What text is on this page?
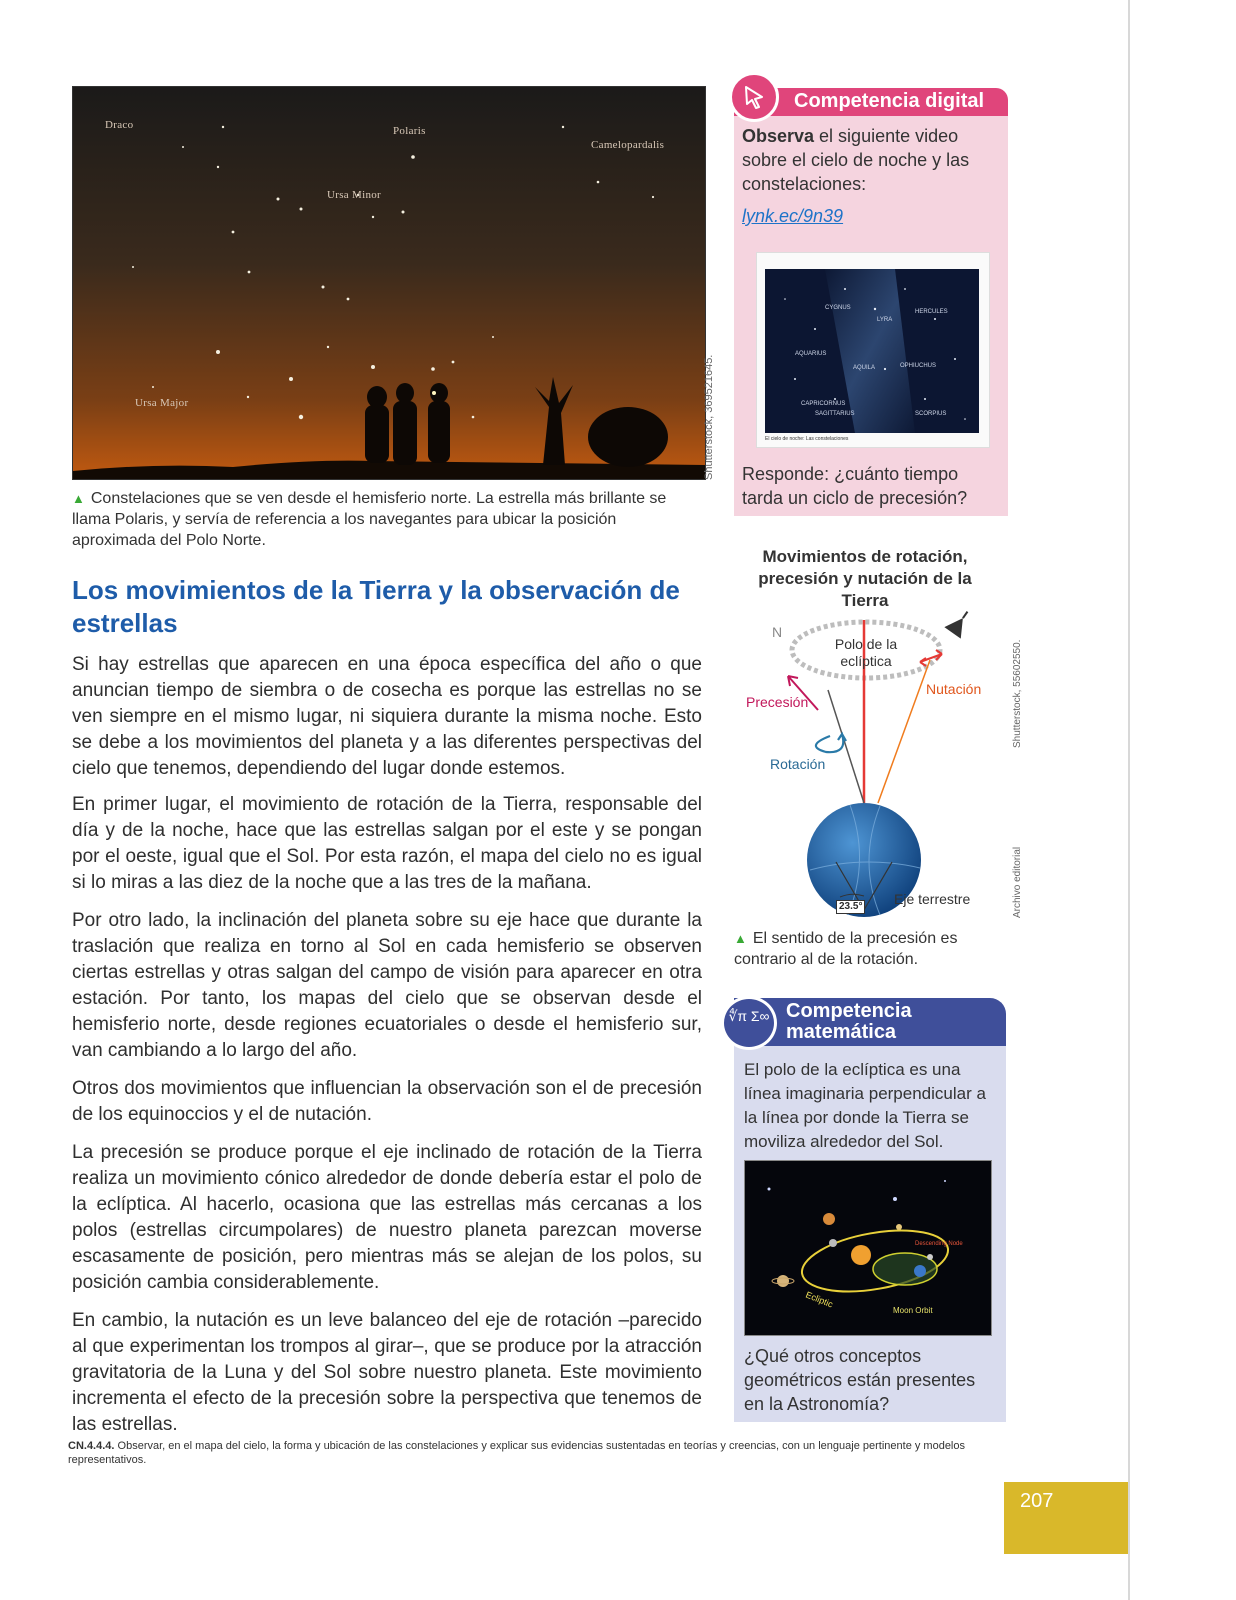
Draco	Polaris
Camelopardalis
Ursa Minor
Ursa Major	Shutterstock, 369521645.
▲ Constelaciones que se ven desde el hemisferio norte. La estrella más brillante se llama Polaris, y servía de referencia a los navegantes para ubicar la posición aproximada del Polo Norte.
Los movimientos de la Tierra y la observación de estrellas

Si hay estrellas que aparecen en una época específica del año o que anuncian tiempo de siembra o de cosecha es porque las estrellas no se ven siempre en el mismo lugar, ni siquiera durante la misma noche. Esto se debe a los movimientos del planeta y a las diferentes perspectivas del cielo que tenemos, dependiendo del lugar donde estemos.

En primer lugar, el movimiento de rotación de la Tierra, responsable del día y de la noche, hace que las estrellas salgan por el este y se pongan por el oeste, igual que el Sol. Por esta razón, el mapa del cielo no es igual si lo miras a las diez de la noche que a las tres de la mañana.

Por otro lado, la inclinación del planeta sobre su eje hace que durante la traslación que realiza en torno al Sol en cada hemisferio se observen ciertas estrellas y otras salgan del campo de visión para aparecer en otra estación. Por tanto, los mapas del cielo que se observan desde el hemisferio norte, desde regiones ecuatoriales o desde el hemisferio sur, van cambiando a lo largo del año.

Otros dos movimientos que influencian la observación son el de precesión de los equinoccios y el de nutación.

La precesión se produce porque el eje inclinado de rotación de la Tierra realiza un movimiento cónico alrededor de donde debería estar el polo de la eclíptica. Al hacerlo, ocasiona que las estrellas más cercanas a los polos (estrellas circumpolares) de nuestro planeta parezcan moverse escasamente de posición, pero mientras más se alejan de los polos, su posición cambia considerablemente.

En cambio, la nutación es un leve balanceo del eje de rotación –parecido al que experimentan los trompos al girar–, que se produce por la atracción gravitatoria de la Luna y del Sol sobre nuestro planeta. Este movimiento incrementa el efecto de la precesión sobre la perspectiva que tenemos de las estrellas.

Competencia digital
Observa el siguiente video sobre el cielo de noche y las constelaciones:
lynk.ec/9n39
CYGNUS
LYRA
HERCULES
AQUARIUS
AQUILA	OPHIUCHUS
CAPRICORNUS
SAGITTARIUS	SCORPIUS
El cielo de noche: Las constelaciones
Responde: ¿cuánto tiempo tarda un ciclo de precesión?
Movimientos de rotación, precesión y nutación de la Tierra
N
Polo de la eclíptica
Nutación
Precesión
Rotación
23.5° Eje terrestre
Shutterstock, 55602550.
Archivo editorial
▲ El sentido de la precesión es contrario al de la rotación.
∜π Σ∞ Competencia matemática
El polo de la eclíptica es una línea imaginaria perpendicular a la línea por donde la Tierra se moviliza alrededor del Sol.
Ecliptic
Moon Orbit
Descending Node
¿Qué otros conceptos geométricos están presentes en la Astronomía?
CN.4.4.4. Observar, en el mapa del cielo, la forma y ubicación de las constelaciones y explicar sus evidencias sustentadas en teorías y creencias, con un lenguaje pertinente y modelos representativos.
207
